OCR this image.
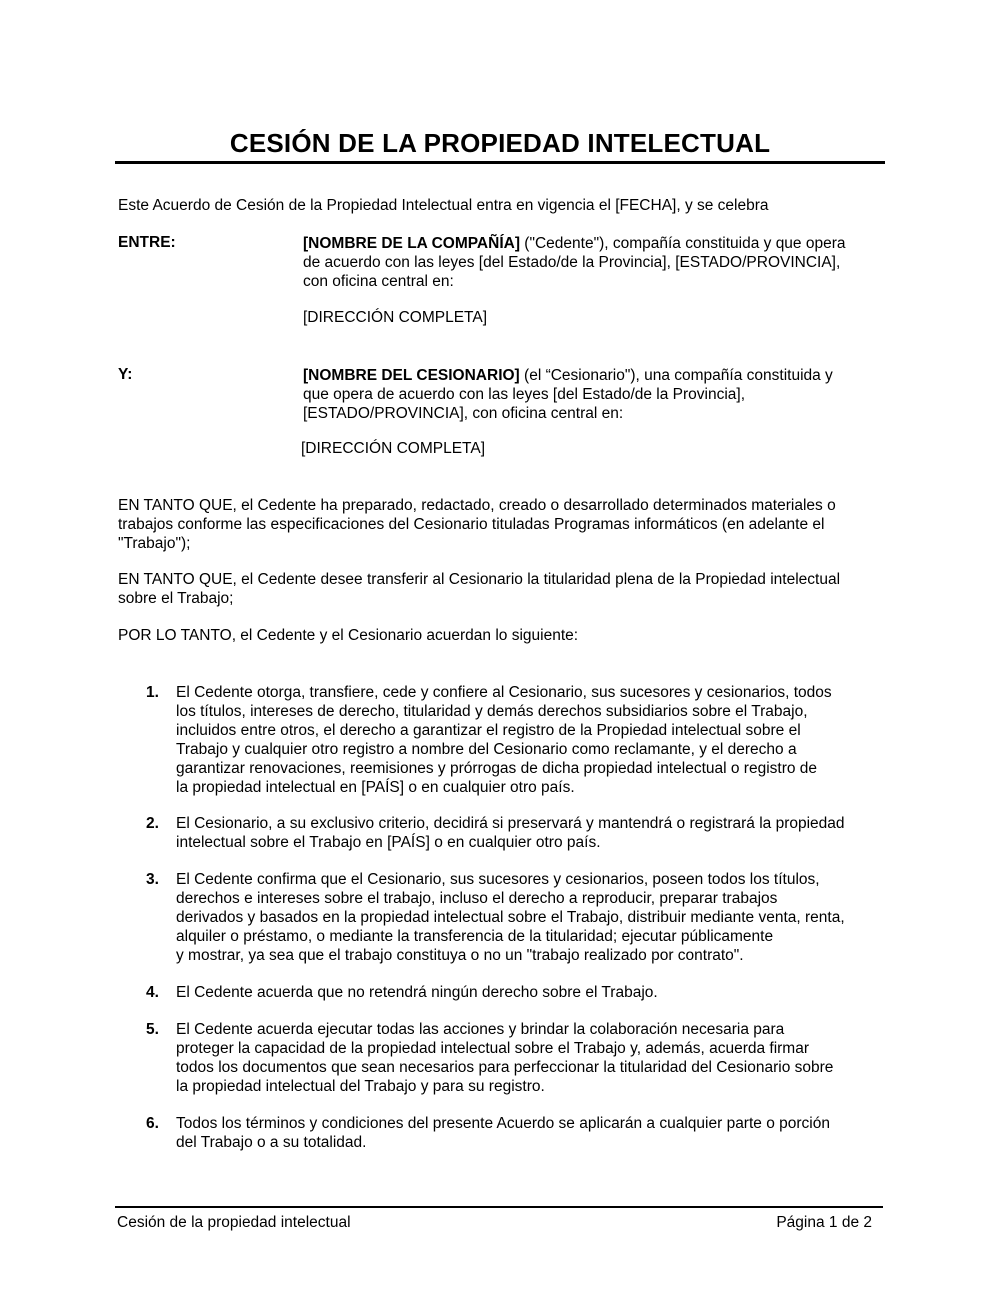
CESIÓN DE LA PROPIEDAD INTELECTUAL
Este Acuerdo de Cesión de la Propiedad Intelectual entra en vigencia el [FECHA], y se celebra
ENTRE:	[NOMBRE DE LA COMPAÑÍA] ("Cedente"), compañía constituida y que opera
de acuerdo con las leyes [del Estado/de la Provincia], [ESTADO/PROVINCIA],
con oficina central en:
[DIRECCIÓN COMPLETA]
Y:	[NOMBRE DEL CESIONARIO] (el “Cesionario"), una compañía constituida y
que opera de acuerdo con las leyes [del Estado/de la Provincia],
[ESTADO/PROVINCIA], con oficina central en:
[DIRECCIÓN COMPLETA]
EN TANTO QUE, el Cedente ha preparado, redactado, creado o desarrollado determinados materiales o
trabajos conforme las especificaciones del Cesionario tituladas Programas informáticos (en adelante el
"Trabajo");
EN TANTO QUE, el Cedente desee transferir al Cesionario la titularidad plena de la Propiedad intelectual
sobre el Trabajo;
POR LO TANTO, el Cedente y el Cesionario acuerdan lo siguiente:
1. El Cedente otorga, transfiere, cede y confiere al Cesionario, sus sucesores y cesionarios, todos
los títulos, intereses de derecho, titularidad y demás derechos subsidiarios sobre el Trabajo,
incluidos entre otros, el derecho a garantizar el registro de la Propiedad intelectual sobre el
Trabajo y cualquier otro registro a nombre del Cesionario como reclamante, y el derecho a
garantizar renovaciones, reemisiones y prórrogas de dicha propiedad intelectual o registro de
la propiedad intelectual en [PAÍS] o en cualquier otro país.
2. El Cesionario, a su exclusivo criterio, decidirá si preservará y mantendrá o registrará la propiedad
intelectual sobre el Trabajo en [PAÍS] o en cualquier otro país.
3. El Cedente confirma que el Cesionario, sus sucesores y cesionarios, poseen todos los títulos,
derechos e intereses sobre el trabajo, incluso el derecho a reproducir, preparar trabajos
derivados y basados en la propiedad intelectual sobre el Trabajo, distribuir mediante venta, renta,
alquiler o préstamo, o mediante la transferencia de la titularidad; ejecutar públicamente
y mostrar, ya sea que el trabajo constituya o no un "trabajo realizado por contrato".
4. El Cedente acuerda que no retendrá ningún derecho sobre el Trabajo.
5. El Cedente acuerda ejecutar todas las acciones y brindar la colaboración necesaria para
proteger la capacidad de la propiedad intelectual sobre el Trabajo y, además, acuerda firmar
todos los documentos que sean necesarios para perfeccionar la titularidad del Cesionario sobre
la propiedad intelectual del Trabajo y para su registro.
6. Todos los términos y condiciones del presente Acuerdo se aplicarán a cualquier parte o porción
del Trabajo o a su totalidad.
Cesión de la propiedad intelectual	Página 1 de 2
